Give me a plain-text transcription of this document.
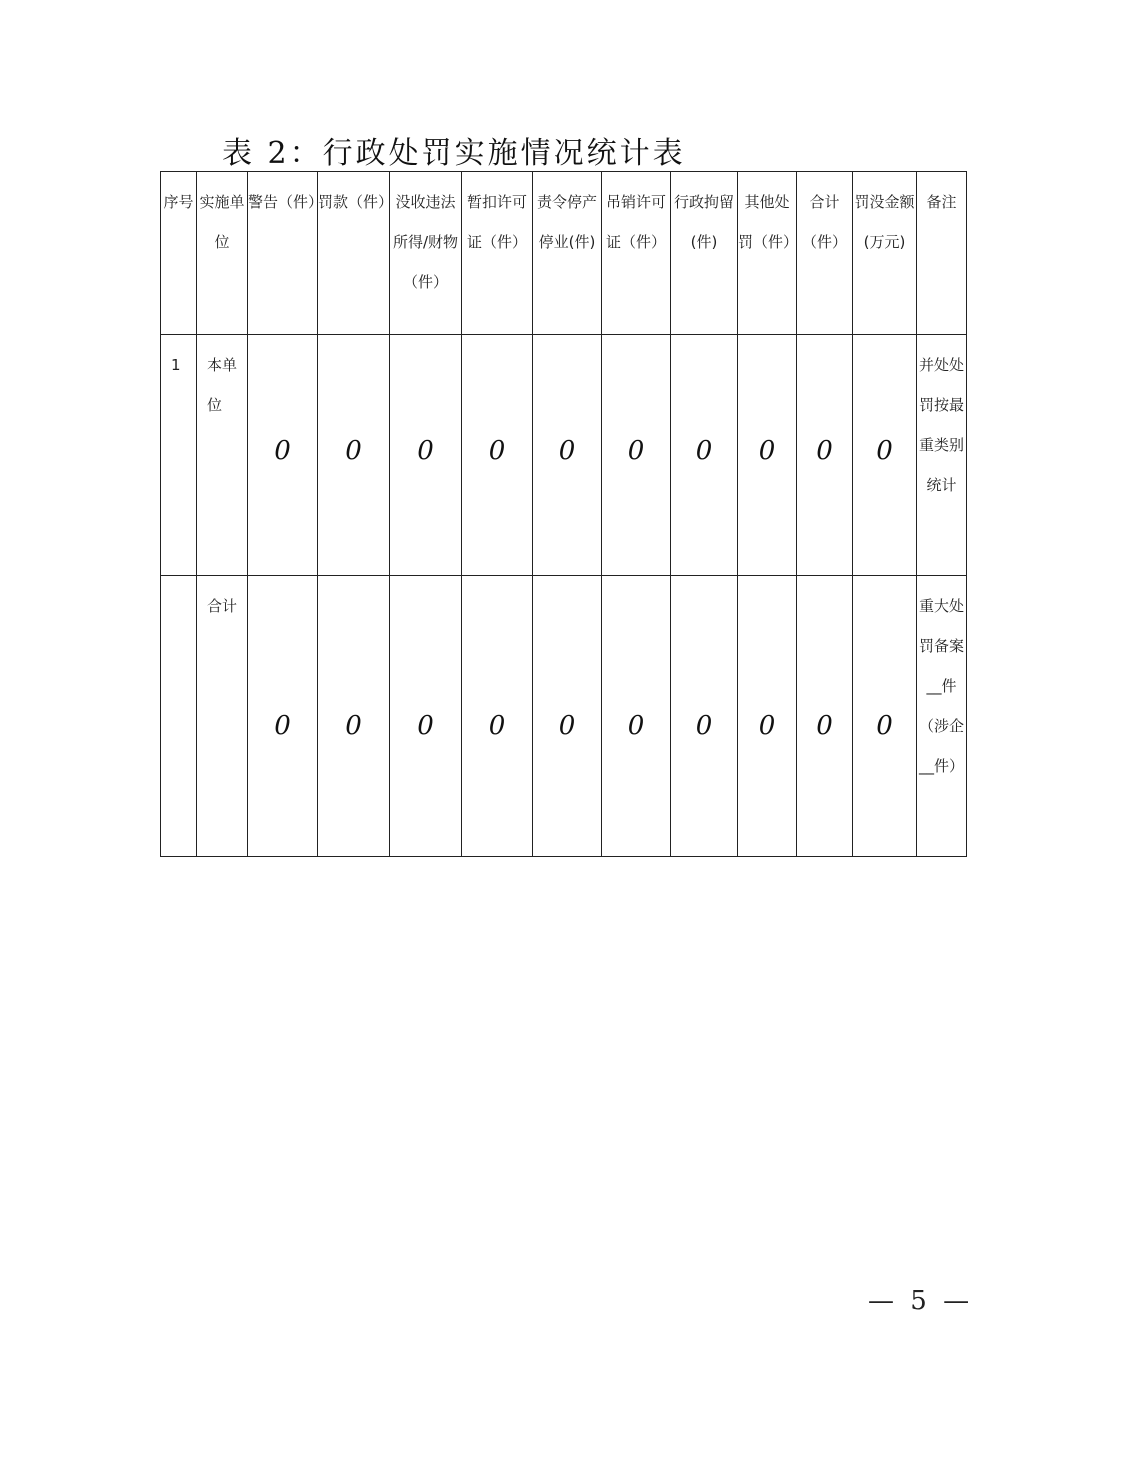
表 2：行政处罚实施情况统计表
序号	实施单位	警告（件）	罚款（件）	没收违法所得/财物（件）	暂扣许可证（件）	责令停产停业(件)	吊销许可证（件）	行政拘留(件)	其他处罚（件）	合计（件）	罚没金额(万元)	备注

1	本单位	0	0	0	0	0	0	0	0	0	0	并处处罚按最重类别统计

	合计	0	0	0	0	0	0	0	0	0	0	重大处罚备案__件（涉企__件）
— 5 —
